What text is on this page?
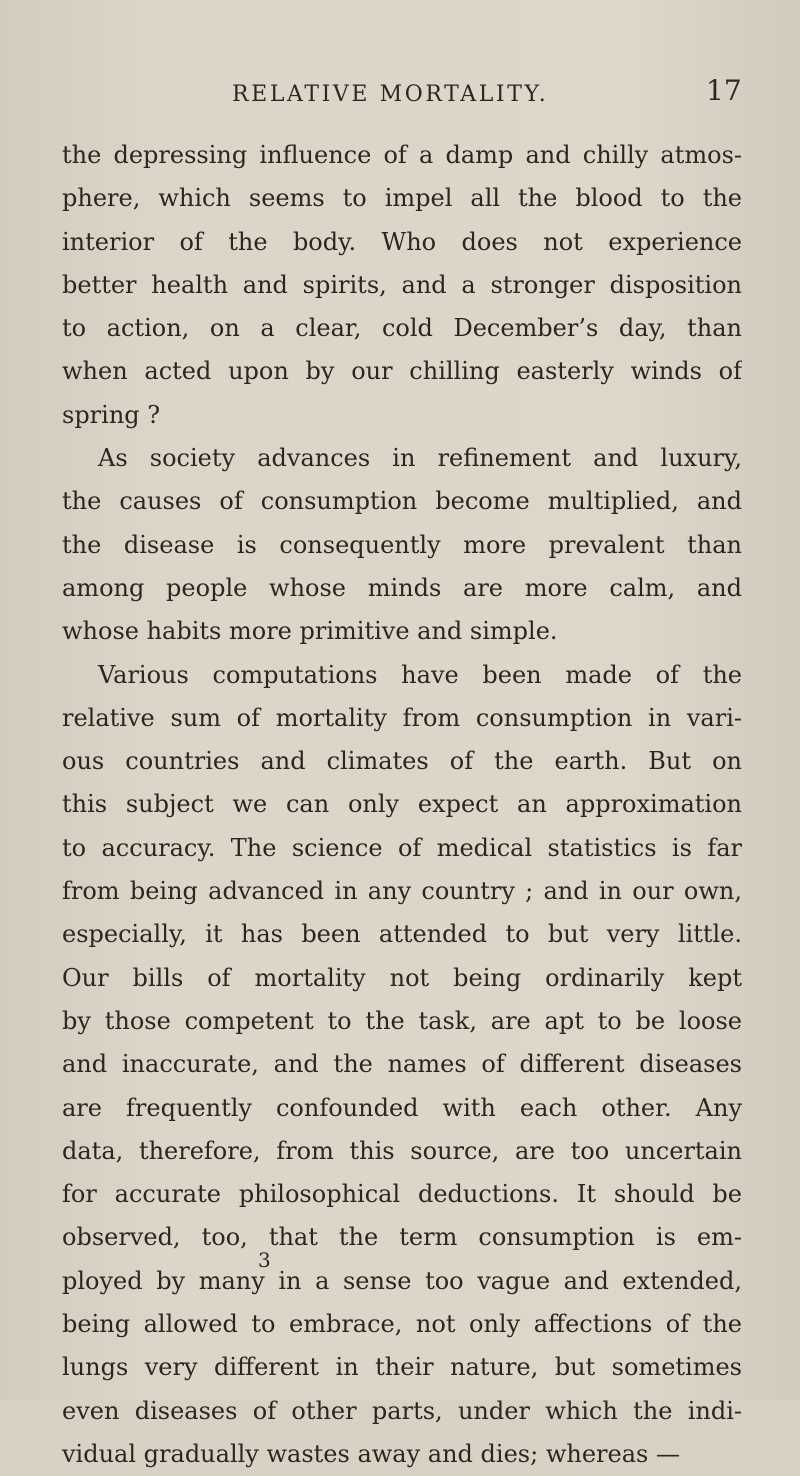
RELATIVE MORTALITY.	17
the depressing influence of a damp and chilly atmos-
phere, which seems to impel all the blood to the
interior of the body. Who does not experience
better health and spirits, and a stronger disposition
to action, on a clear, cold December’s day, than
when acted upon by our chilling easterly winds of
spring ?
As society advances in refinement and luxury,
the causes of consumption become multiplied, and
the disease is consequently more prevalent than
among people whose minds are more calm, and
whose habits more primitive and simple.
Various computations have been made of the
relative sum of mortality from consumption in vari-
ous countries and climates of the earth. But on
this subject we can only expect an approximation
to accuracy. The science of medical statistics is far
from being advanced in any country ; and in our own,
especially, it has been attended to but very little.
Our bills of mortality not being ordinarily kept
by those competent to the task, are apt to be loose
and inaccurate, and the names of different diseases
are frequently confounded with each other. Any
data, therefore, from this source, are too uncertain
for accurate philosophical deductions. It should be
observed, too, that the term consumption is em-
ployed by many in a sense too vague and extended,
being allowed to embrace, not only affections of the
lungs very different in their nature, but sometimes
even diseases of other parts, under which the indi-
vidual gradually wastes away and dies; whereas —
3
